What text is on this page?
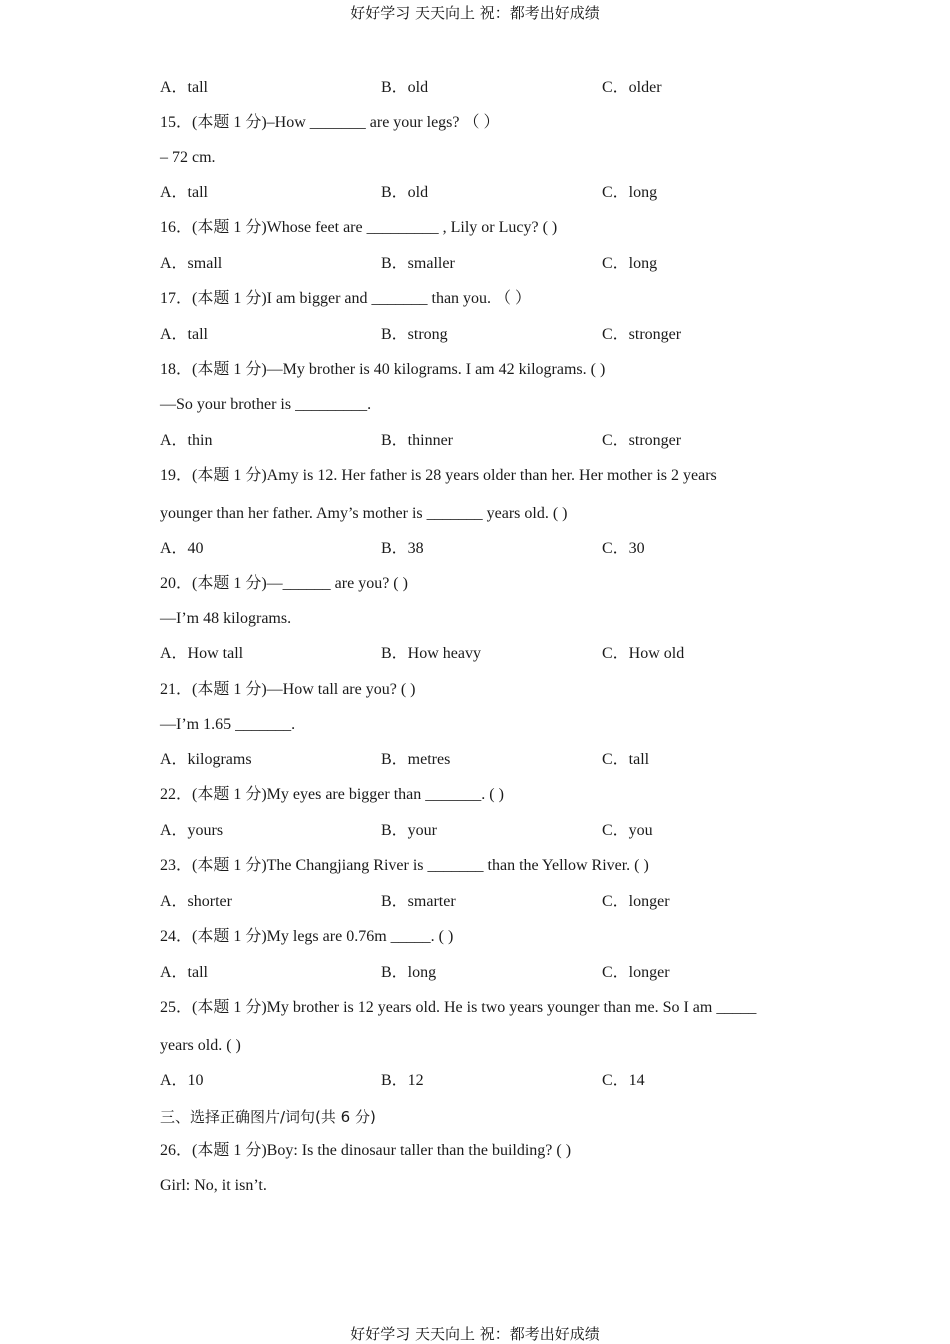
好好学习 天天向上 祝：都考出好成绩
A．tall	B．old	C．older
15．(本题 1 分)–How _______ are your legs? （ ）
– 72 cm.
A．tall	B．old	C．long
16．(本题 1 分)Whose feet are _________ , Lily or Lucy? ( )
A．small	B．smaller	C．long
17．(本题 1 分)I am bigger and _______ than you. （ ）
A．tall	B．strong	C．stronger
18．(本题 1 分)—My brother is 40 kilograms. I am 42 kilograms. ( )
—So your brother is _________.
A．thin	B．thinner	C．stronger
19．(本题 1 分)Amy is 12. Her father is 28 years older than her. Her mother is 2 years
younger than her father. Amy’s mother is _______ years old. ( )
A．40	B．38	C．30
20．(本题 1 分)—______ are you? ( )
—I’m 48 kilograms.
A．How tall	B．How heavy	C．How old
21．(本题 1 分)—How tall are you? ( )
—I’m 1.65 _______.
A．kilograms	B．metres	C．tall
22．(本题 1 分)My eyes are bigger than _______. ( )
A．yours	B．your	C．you
23．(本题 1 分)The Changjiang River is _______ than the Yellow River. ( )
A．shorter	B．smarter	C．longer
24．(本题 1 分)My legs are 0.76m _____. ( )
A．tall	B．long	C．longer
25．(本题 1 分)My brother is 12 years old. He is two years younger than me. So I am _____
years old. ( )
A．10	B．12	C．14
三、选择正确图片/词句(共 6 分)
26．(本题 1 分)Boy: Is the dinosaur taller than the building? ( )
Girl: No, it isn’t.
好好学习 天天向上 祝：都考出好成绩
